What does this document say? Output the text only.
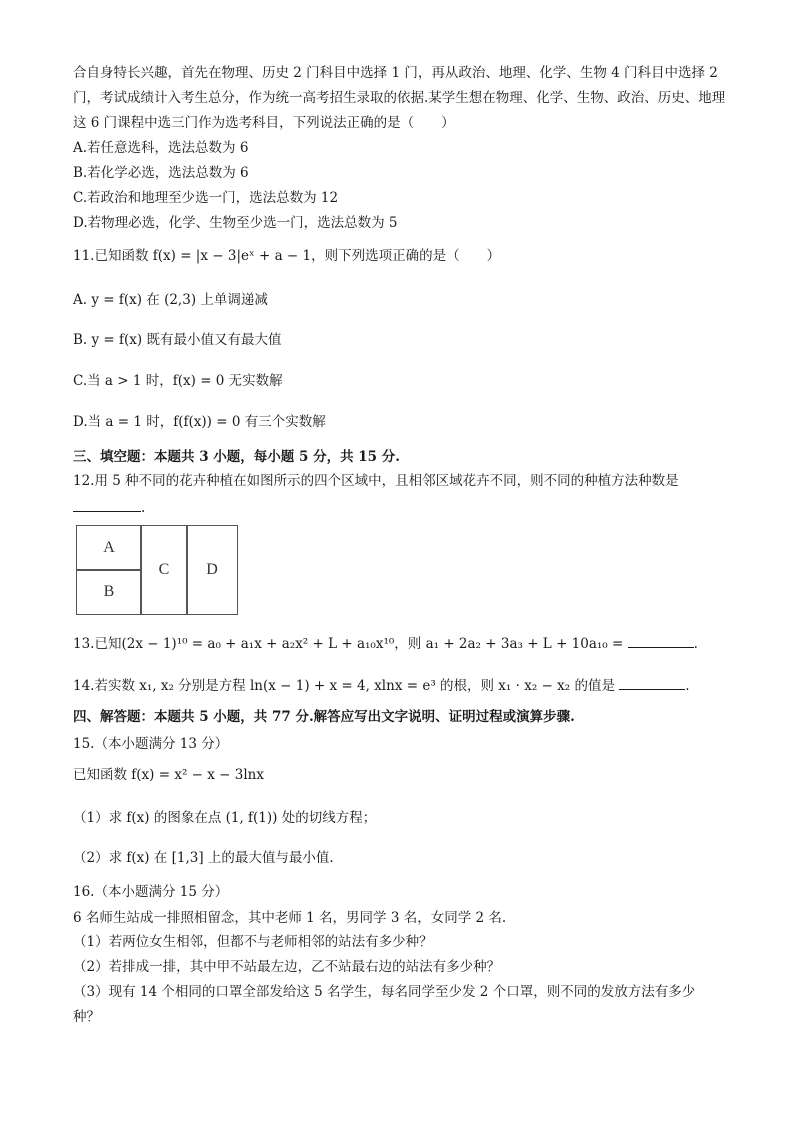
合自身特长兴趣，首先在物理、历史 2 门科目中选择 1 门，再从政治、地理、化学、生物 4 门科目中选择 2
门，考试成绩计入考生总分，作为统一高考招生录取的依据.某学生想在物理、化学、生物、政治、历史、地理
这 6 门课程中选三门作为选考科目，下列说法正确的是（　　）
A.若任意选科，选法总数为 6
B.若化学必选，选法总数为 6
C.若政治和地理至少选一门，选法总数为 12
D.若物理必选，化学、生物至少选一门，选法总数为 5
11.已知函数 f(x) = |x − 3|eˣ + a − 1，则下列选项正确的是（　　）
A. y = f(x) 在 (2,3) 上单调递减
B. y = f(x) 既有最小值又有最大值
C.当 a > 1 时，f(x) = 0 无实数解
D.当 a = 1 时，f(f(x)) = 0 有三个实数解
三、填空题：本题共 3 小题，每小题 5 分，共 15 分.
12.用 5 种不同的花卉种植在如图所示的四个区域中，且相邻区域花卉不同，则不同的种植方法种数是
.
A
B
C	D
13.已知(2x − 1)¹⁰ = a₀ + a₁x + a₂x² + L + a₁₀x¹⁰，则 a₁ + 2a₂ + 3a₃ + L + 10a₁₀ =	.
14.若实数 x₁, x₂ 分别是方程 ln(x − 1) + x = 4, xlnx = e³ 的根，则 x₁ · x₂ − x₂ 的值是	.
四、解答题：本题共 5 小题，共 77 分.解答应写出文字说明、证明过程或演算步骤.
15.（本小题满分 13 分）
已知函数 f(x) = x² − x − 3lnx
（1）求 f(x) 的图象在点 (1, f(1)) 处的切线方程；
（2）求 f(x) 在 [1,3] 上的最大值与最小值.
16.（本小题满分 15 分）
6 名师生站成一排照相留念，其中老师 1 名，男同学 3 名，女同学 2 名.
（1）若两位女生相邻，但都不与老师相邻的站法有多少种？
（2）若排成一排，其中甲不站最左边，乙不站最右边的站法有多少种？
（3）现有 14 个相同的口罩全部发给这 5 名学生，每名同学至少发 2 个口罩，则不同的发放方法有多少
种？
